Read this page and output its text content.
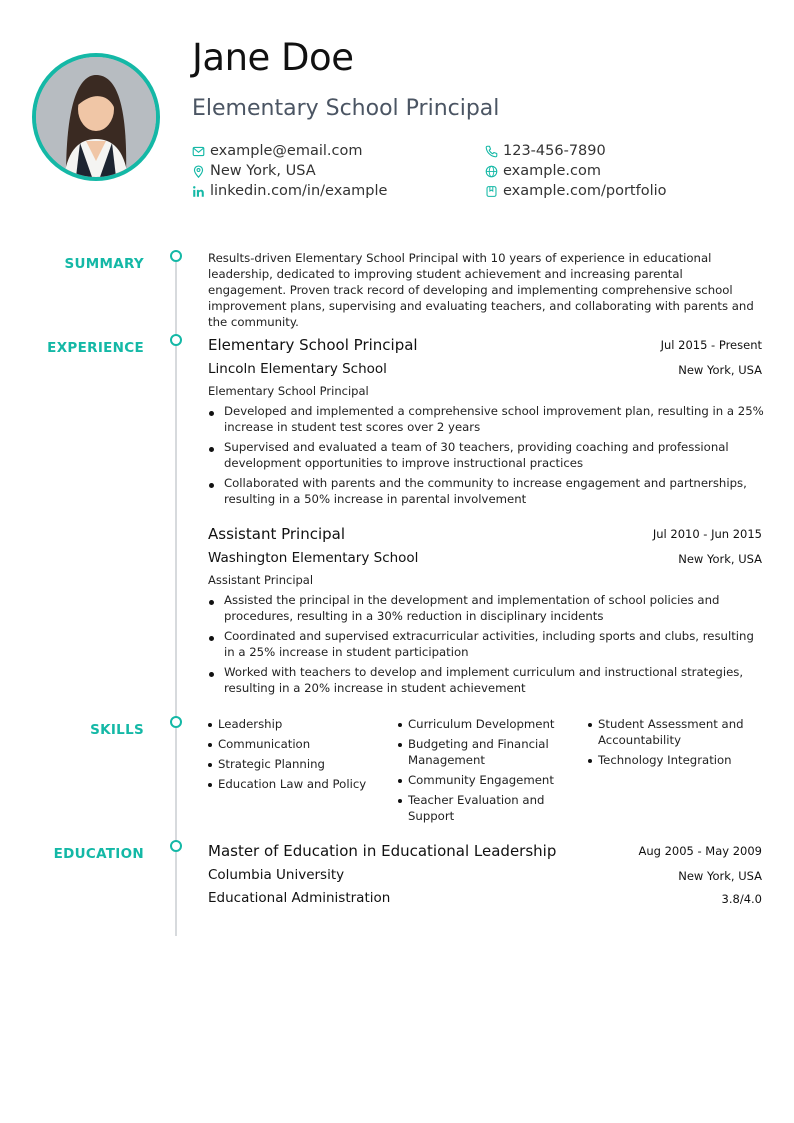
Jane Doe
Elementary School Principal
example@email.com
New York, USA
linkedin.com/in/example
123-456-7890
example.com
example.com/portfolio
SUMMARY
EXPERIENCE
SKILLS
EDUCATION

Results-driven Elementary School Principal with 10 years of experience in educational leadership, dedicated to improving student achievement and increasing parental engagement. Proven track record of developing and implementing comprehensive school improvement plans, supervising and evaluating teachers, and collaborating with parents and the community.

Elementary School Principal	Jul 2015 - Present
Lincoln Elementary School	New York, USA
Elementary School Principal
Developed and implemented a comprehensive school improvement plan, resulting in a 25% increase in student test scores over 2 years
Supervised and evaluated a team of 30 teachers, providing coaching and professional development opportunities to improve instructional practices
Collaborated with parents and the community to increase engagement and partnerships, resulting in a 50% increase in parental involvement
Assistant Principal	Jul 2010 - Jun 2015
Washington Elementary School	New York, USA
Assistant Principal
Assisted the principal in the development and implementation of school policies and procedures, resulting in a 30% reduction in disciplinary incidents
Coordinated and supervised extracurricular activities, including sports and clubs, resulting in a 25% increase in student participation
Worked with teachers to develop and implement curriculum and instructional strategies, resulting in a 20% increase in student achievement
Leadership
Communication
Strategic Planning
Education Law and Policy
Curriculum Development
Budgeting and Financial Management
Community Engagement
Teacher Evaluation and Support
Student Assessment and Accountability
Technology Integration
Master of Education in Educational Leadership	Aug 2005 - May 2009
Columbia University	New York, USA
Educational Administration	3.8/4.0
